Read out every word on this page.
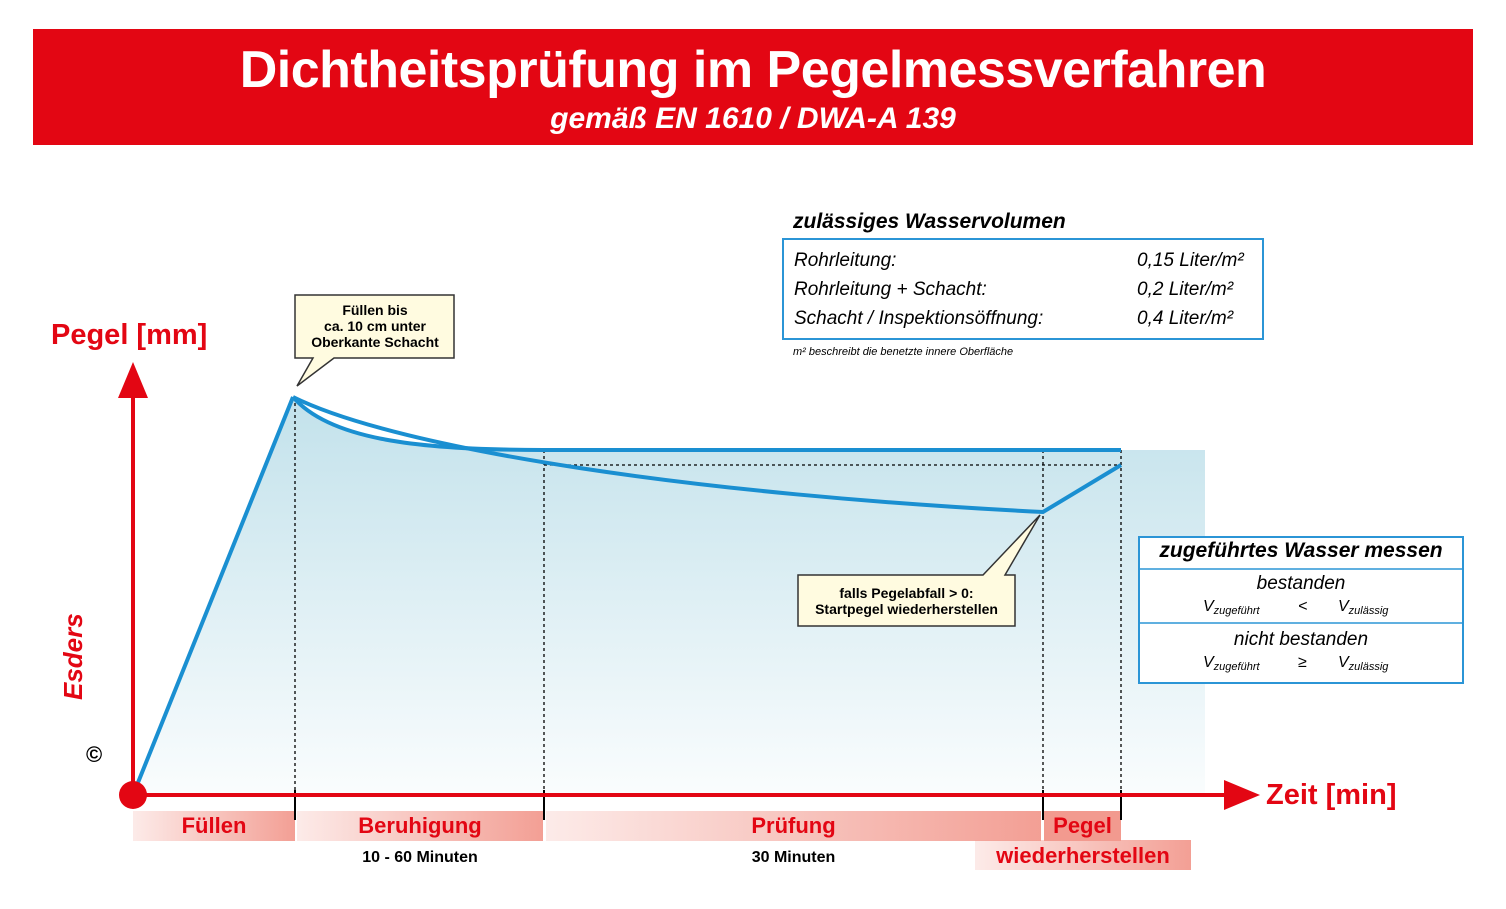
Dichtheitsprüfung im Pegelmessverfahren
gemäß EN 1610 / DWA-A 139
zulässiges Wasservolumen
Rohrleitung:	0,15 Liter/m²
Rohrleitung + Schacht:	0,2 Liter/m²
Schacht / Inspektionsöffnung:	0,4 Liter/m²
m² beschreibt die benetzte innere Oberfläche
Füllen bis
ca. 10 cm unter
Oberkante Schacht
falls Pegelabfall > 0:
Startpegel wiederherstellen
Pegel [mm]
Zeit [min]
Füllen	Beruhigung	Prüfung	Pegel
wiederherstellen
10 - 60 Minuten	30 Minuten
zugeführtes Wasser messen
bestanden
$V_{zugeführt} < V_{zulässig}$
nicht bestanden
$V_{zugeführt} \ge V_{zulässig}$
Esders
©
